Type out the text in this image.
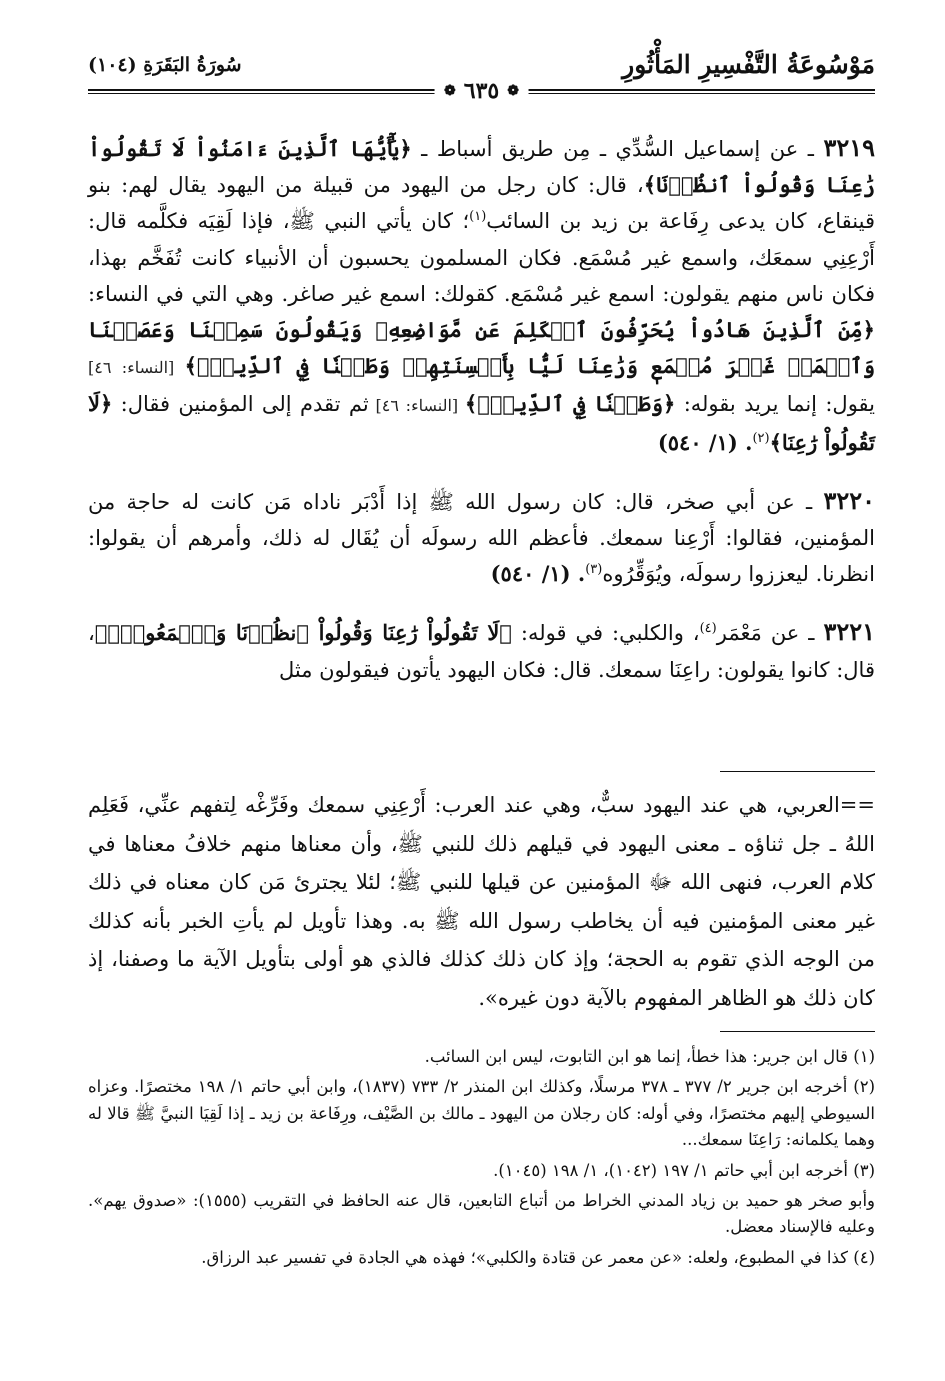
مَوْسُوعَةُ التَّفْسِيرِ المَأْثُورِ
سُورَةُ البَقَرَةِ (١٠٤)
❁
٦٣٥
❁

٣٢١٩ ـ عن إسماعيل السُّدِّي ـ مِن طريق أسباط ـ ﴿يَٰٓأَيُّهَا ٱلَّذِينَ ءَامَنُواْ لَا تَقُولُواْ رَٰعِنَا وَقُولُواْ ٱنظُرۡنَا﴾، قال: كان رجل من اليهود من قبيلة من اليهود يقال لهم: بنو قينقاع، كان يدعى رِفَاعة بن زيد بن السائب$^{(١)}$؛ كان يأتي النبي ﷺ، فإذا لَقِيَه فكلَّمه قال: أَرْعِنِي سمعَك، واسمع غير مُسْمَع. فكان المسلمون يحسبون أن الأنبياء كانت تُفَخَّم بهذا، فكان ناس منهم يقولون: اسمع غير مُسْمَع. كقولك: اسمع غير صاغر. وهي التي في النساء: ﴿مِّنَ ٱلَّذِينَ هَادُواْ يُحَرِّفُونَ ٱلۡكَلِمَ عَن مَّوَاضِعِهِۦ وَيَقُولُونَ سَمِعۡنَا وَعَصَيۡنَا وَٱسۡمَعۡ غَيۡرَ مُسۡمَعٖ وَرَٰعِنَا لَيَّۢا بِأَلۡسِنَتِهِمۡ وَطَعۡنٗا فِي ٱلدِّينِۚ﴾ [النساء: ٤٦] يقول: إنما يريد بقوله: ﴿وَطَعۡنٗا فِي ٱلدِّينِۚ﴾ [النساء: ٤٦] ثم تقدم إلى المؤمنين فقال: ﴿لَا تَقُولُواْ رَٰعِنَا﴾$^{(٢)}$. (١/ ٥٤٠)

٣٢٢٠ ـ عن أبي صخر، قال: كان رسول الله ﷺ إذا أَدْبَر ناداه مَن كانت له حاجة من المؤمنين، فقالوا: أَرْعِنا سمعك. فأعظم الله رسولَه أن يُقَال له ذلك، وأمرهم أن يقولوا: انظرنا. ليعززوا رسولَه، ويُوَقِّرُوه$^{(٣)}$. (١/ ٥٤٠)

٣٢٢١ ـ عن مَعْمَر$^{(٤)}$، والكلبي: في قوله: ﴿لَا تَقُولُواْ رَٰعِنَا وَقُولُواْ ٱنظُرۡنَا وَٱسۡمَعُواْۗ﴾، قال: كانوا يقولون: راعِنَا سمعك. قال: فكان اليهود يأتون فيقولون مثل

==العربي، هي عند اليهود سبٌّ، وهي عند العرب: أَرْعِنِي سمعك وفَرِّغْه لِتفهم عنِّي، فَعَلِم اللهُ ـ جل ثناؤه ـ معنى اليهود في قيلهم ذلك للنبي ﷺ، وأن معناها منهم خلافُ معناها في كلام العرب، فنهى الله ﷻ المؤمنين عن قيلها للنبي ﷺ؛ لئلا يجترئ مَن كان معناه في ذلك غير معنى المؤمنين فيه أن يخاطب رسول الله ﷺ به. وهذا تأويل لم يأتِ الخبر بأنه كذلك من الوجه الذي تقوم به الحجة؛ وإذ كان ذلك كذلك فالذي هو أولى بتأويل الآية ما وصفنا، إذ كان ذلك هو الظاهر المفهوم بالآية دون غيره».

(١) قال ابن جرير: هذا خطأ، إنما هو ابن التابوت، ليس ابن السائب.

(٢) أخرجه ابن جرير ٢/ ٣٧٧ ـ ٣٧٨ مرسلًا، وكذلك ابن المنذر ٢/ ٧٣٣ (١٨٣٧)، وابن أبي حاتم ١/ ١٩٨ مختصرًا. وعزاه السيوطي إليهم مختصرًا، وفي أوله: كان رجلان من اليهود ـ مالك بن الصَّيْف، ورِفَاعة بن زيد ـ إذا لَقِيَا النبيَّ ﷺ قالا له وهما يكلمانه: رَاعِنَا سمعك...

(٣) أخرجه ابن أبي حاتم ١/ ١٩٧ (١٠٤٢)، ١/ ١٩٨ (١٠٤٥).

وأبو صخر هو حميد بن زياد المدني الخراط من أتباع التابعين، قال عنه الحافظ في التقريب (١٥٥٥): «صدوق يهم». وعليه فالإسناد معضل.

(٤) كذا في المطبوع، ولعله: «عن معمر عن قتادة والكلبي»؛ فهذه هي الجادة في تفسير عبد الرزاق.
